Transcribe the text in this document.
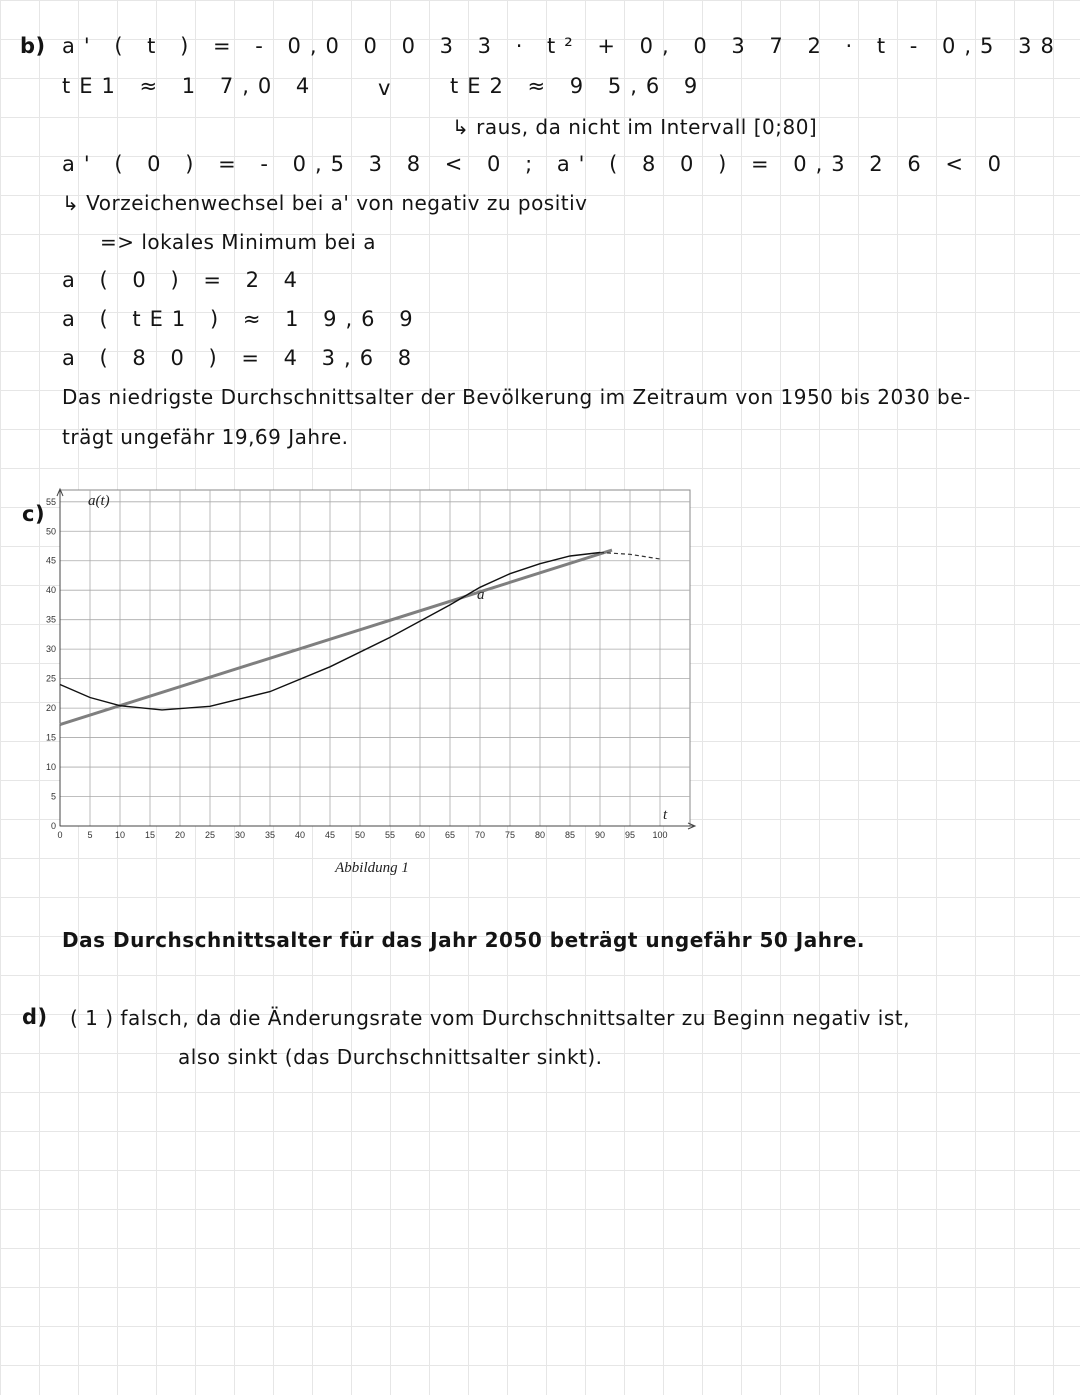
b) a' ( t ) = - 0,0 0 0 3 3 · t² + 0, 0 3 7 2 · t - 0,5 38
tE1 ≈ 1 7,0 4	v	tE2 ≈ 9 5,6 9
↳ raus, da nicht im Intervall [0;80]
a' ( 0 ) = - 0,5 3 8 < 0 ; a' ( 8 0 ) = 0,3 2 6 < 0
↳ Vorzeichenwechsel bei a' von negativ zu positiv
=> lokales Minimum bei a
a ( 0 ) = 2 4
a ( tE1 ) ≈ 1 9,6 9
a ( 8 0 ) = 4 3,6 8
Das niedrigste Durchschnittsalter der Bevölkerung im Zeitraum von 1950 bis 2030 be-
trägt ungefähr 19,69 Jahre.
c)
0	5 10 15 20 25 30 35 40 45 50 55 60 65 70 75 80 85 90 95 100
0
5
10
15
20
25
30
35
40
45
50
55 a(t)
t
a
Abbildung 1
Das Durchschnittsalter für das Jahr 2050 beträgt ungefähr 50 Jahre.
d) ( 1 ) falsch, da die Änderungsrate vom Durchschnittsalter zu Beginn negativ ist,
also sinkt (das Durchschnittsalter sinkt).
